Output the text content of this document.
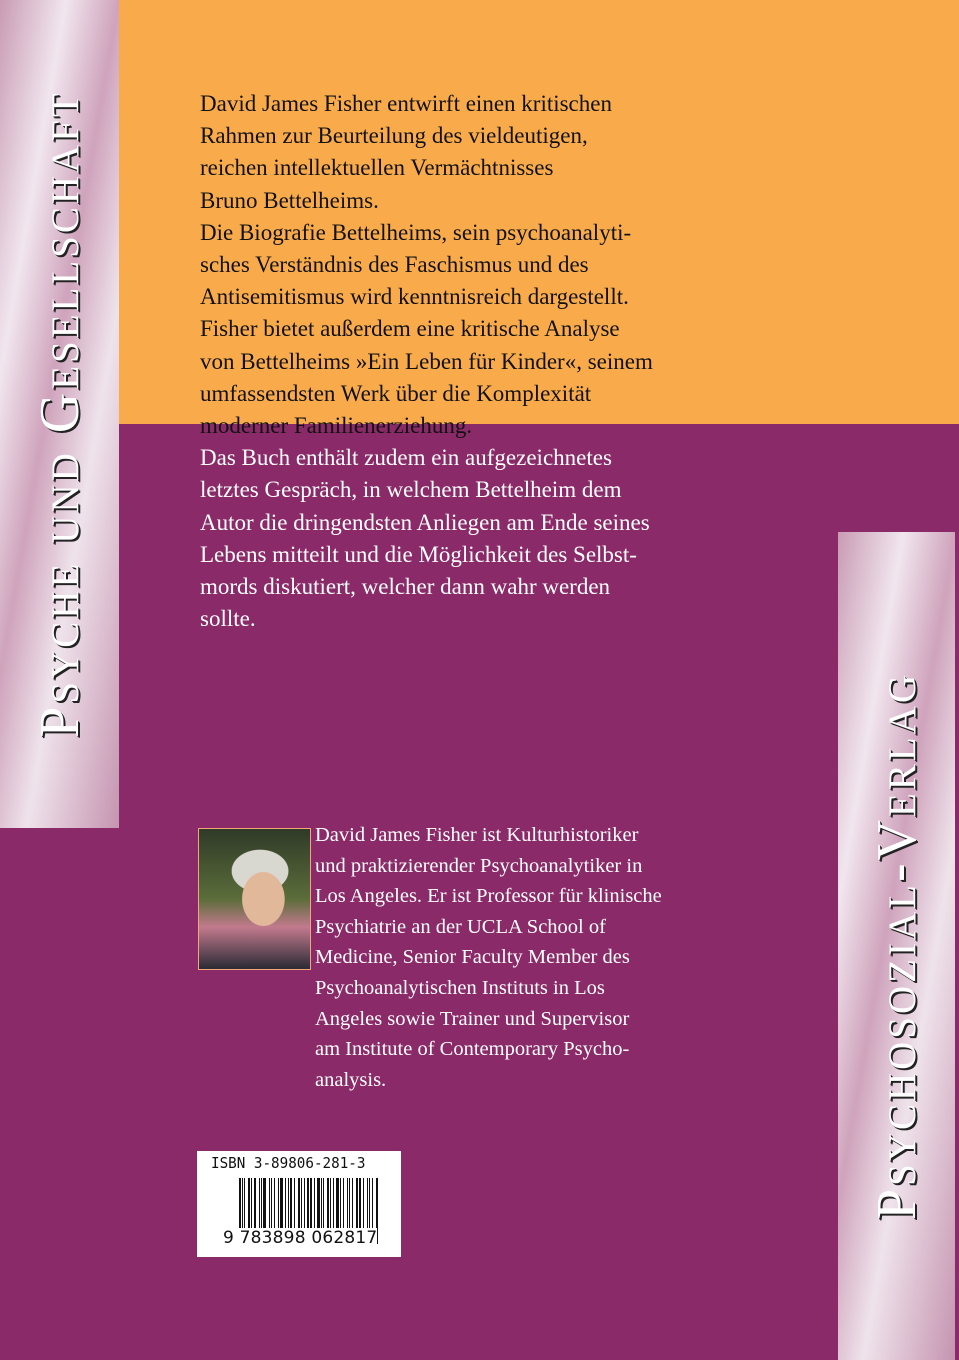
Psyche und Gesellschaft
Psychosozial-Verlag
David James Fisher entwirft einen kritischen
Rahmen zur Beurteilung des vieldeutigen,
reichen intellektuellen Vermächtnisses
Bruno Bettelheims.
Die Biografie Bettelheims, sein psychoanalyti-
sches Verständnis des Faschismus und des
Antisemitismus wird kenntnisreich dargestellt.
Fisher bietet außerdem eine kritische Analyse
von Bettelheims »Ein Leben für Kinder«, seinem
umfassendsten Werk über die Komplexität
moderner Familienerziehung.
Das Buch enthält zudem ein aufgezeichnetes
letztes Gespräch, in welchem Bettelheim dem
Autor die dringendsten Anliegen am Ende seines
Lebens mitteilt und die Möglichkeit des Selbst-
mords diskutiert, welcher dann wahr werden
sollte.
David James Fisher ist Kulturhistoriker
und praktizierender Psychoanalytiker in
Los Angeles. Er ist Professor für klinische
Psychiatrie an der UCLA School of
Medicine, Senior Faculty Member des
Psychoanalytischen Instituts in Los
Angeles sowie Trainer und Supervisor
am Institute of Contemporary Psycho-
analysis.
ISBN 3-89806-281-3
9 783898 062817
